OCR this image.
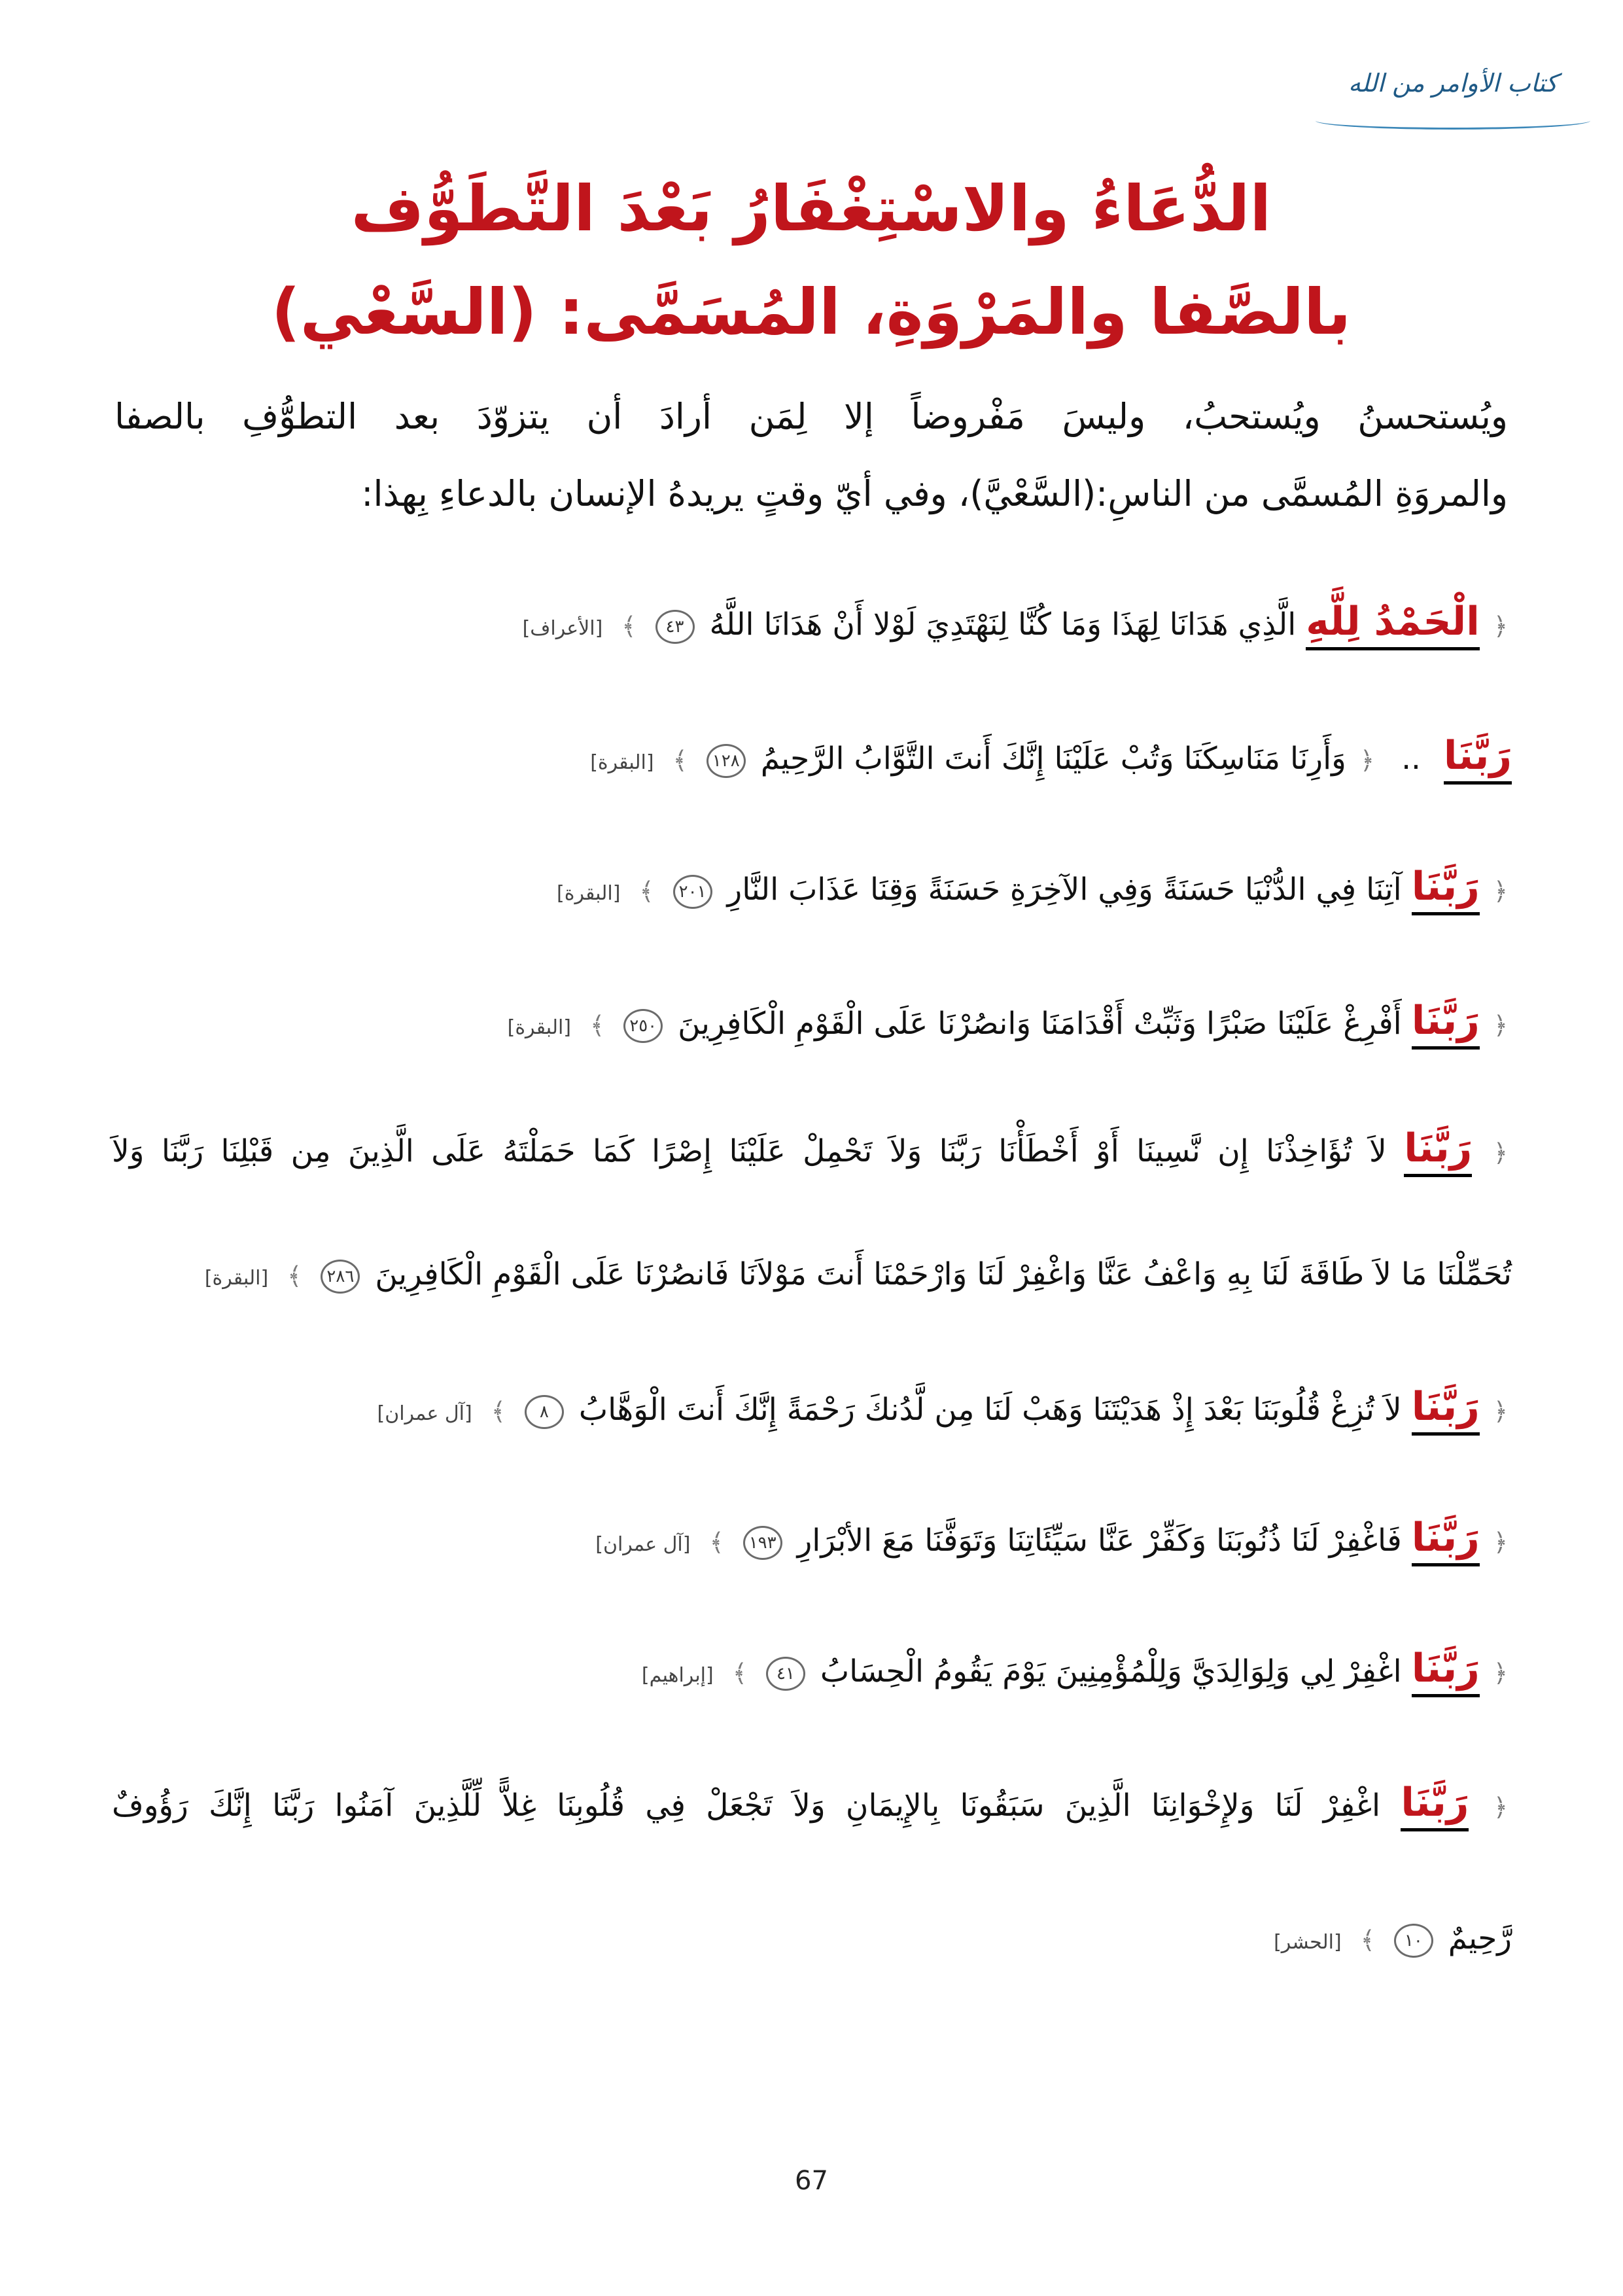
كتاب الأوامر من الله
الدُّعَاءُ والاسْتِغْفَارُ بَعْدَ التَّطَوُّف
بالصَّفا والمَرْوَةِ، المُسَمَّى: (السَّعْي)
ويُستحسنُ ويُستحبُ، وليسَ مَفْروضاً إلا لِمَن أرادَ أن يتزوّدَ بعد التطوُّفِ بالصفا
والمروَةِ المُسمَّى من الناسِ:(السَّعْيَّ)، وفي أيّ وقتٍ يريدهُ الإنسان بالدعاءِ بِهذا:
﴿ الْحَمْدُ لِلَّهِ الَّذِي هَدَانَا لِهَذَا وَمَا كُنَّا لِنَهْتَدِيَ لَوْلا أَنْ هَدَانَا اللَّهُ ٤٣ ﴾ [الأعراف]
رَبَّنَا .. ﴿ وَأَرِنَا مَنَاسِكَنَا وَتُبْ عَلَيْنَا إِنَّكَ أَنتَ التَّوَّابُ الرَّحِيمُ ١٢٨ ﴾ [البقرة]
﴿ رَبَّنَا آتِنَا فِي الدُّنْيَا حَسَنَةً وَفِي الآخِرَةِ حَسَنَةً وَقِنَا عَذَابَ النَّارِ ٢٠١ ﴾ [البقرة]
﴿ رَبَّنَا أَفْرِغْ عَلَيْنَا صَبْرًا وَثَبِّتْ أَقْدَامَنَا وَانصُرْنَا عَلَى الْقَوْمِ الْكَافِرِينَ ٢٥٠ ﴾ [البقرة]
﴿ رَبَّنَا لاَ تُؤَاخِذْنَا إِن نَّسِينَا أَوْ أَخْطَأْنَا رَبَّنَا وَلاَ تَحْمِلْ عَلَيْنَا إِصْرًا كَمَا حَمَلْتَهُ عَلَى الَّذِينَ مِن قَبْلِنَا رَبَّنَا وَلاَ
تُحَمِّلْنَا مَا لاَ طَاقَةَ لَنَا بِهِ وَاعْفُ عَنَّا وَاغْفِرْ لَنَا وَارْحَمْنَا أَنتَ مَوْلاَنَا فَانصُرْنَا عَلَى الْقَوْمِ الْكَافِرِينَ ٢٨٦ ﴾ [البقرة]
﴿ رَبَّنَا لاَ تُزِغْ قُلُوبَنَا بَعْدَ إِذْ هَدَيْتَنَا وَهَبْ لَنَا مِن لَّدُنكَ رَحْمَةً إِنَّكَ أَنتَ الْوَهَّابُ ٨ ﴾ [آل عمران]
﴿ رَبَّنَا فَاغْفِرْ لَنَا ذُنُوبَنَا وَكَفِّرْ عَنَّا سَيِّئَاتِنَا وَتَوَفَّنَا مَعَ الأبْرَارِ ١٩٣ ﴾ [آل عمران]
﴿ رَبَّنَا اغْفِرْ لِي وَلِوَالِدَيَّ وَلِلْمُؤْمِنِينَ يَوْمَ يَقُومُ الْحِسَابُ ٤١ ﴾ [إبراهيم]
﴿ رَبَّنَا اغْفِرْ لَنَا وَلإِخْوَانِنَا الَّذِينَ سَبَقُونَا بِالإِيمَانِ وَلاَ تَجْعَلْ فِي قُلُوبِنَا غِلاًّ لِّلَّذِينَ آمَنُوا رَبَّنَا إِنَّكَ رَؤُوفٌ
رَّحِيمٌ ١٠ ﴾ [الحشر]
67
